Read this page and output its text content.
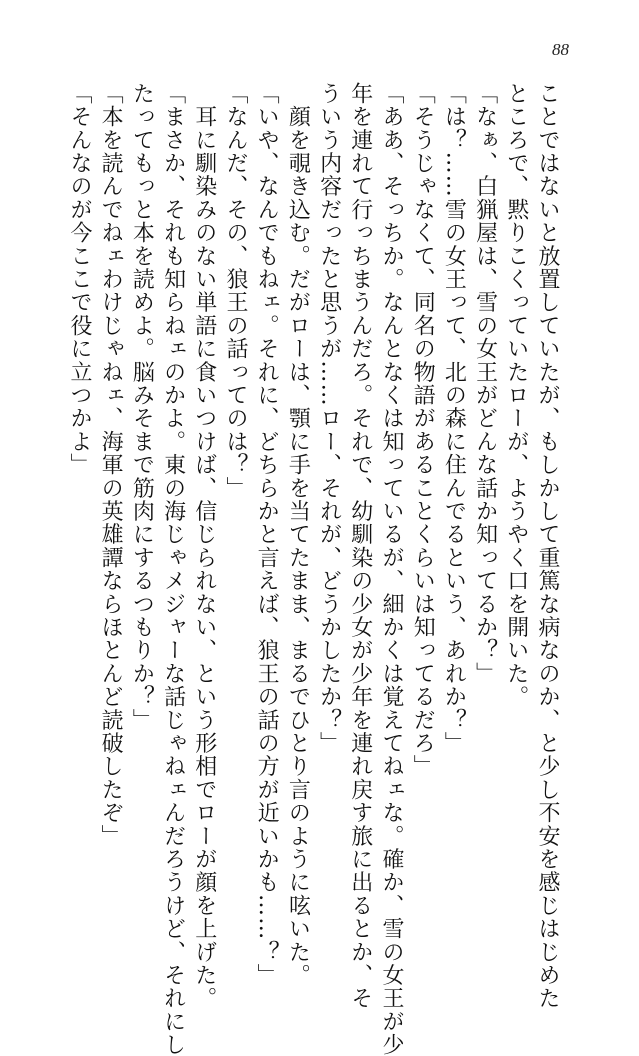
88

ことではないと放置していたが、もしかして重篤な病なのか、と少し不安を感じはじめた

ところで、黙りこくっていたローが、ようやく口を開いた。

「なぁ、白猟屋は、雪の女王がどんな話か知ってるか？」

「は？……雪の女王って、北の森に住んでるという、あれか？」

「そうじゃなくて、同名の物語があることくらいは知ってるだろ」

「ああ、そっちか。なんとなくは知っているが、細かくは覚えてねェな。確か、雪の女王が少

年を連れて行っちまうんだろ。それで、幼馴染の少女が少年を連れ戻す旅に出るとか、そ

ういう内容だったと思うが……ロー、それが、どうかしたか？」

　顔を覗き込む。だがローは、顎に手を当てたまま、まるでひとり言のように呟いた。

「いや、なんでもねェ。それに、どちらかと言えば、狼王の話の方が近いかも……？」

「なんだ、その、狼王の話ってのは？」

　耳に馴染みのない単語に食いつけば、信じられない、という形相でローが顔を上げた。

「まさか、それも知らねェのかよ。東の海じゃメジャーな話じゃねェんだろうけど、それにし

たってもっと本を読めよ。脳みそまで筋肉にするつもりか？」

「本を読んでねェわけじゃねェ、海軍の英雄譚ならほとんど読破したぞ」

「そんなのが今ここで役に立つかよ」
